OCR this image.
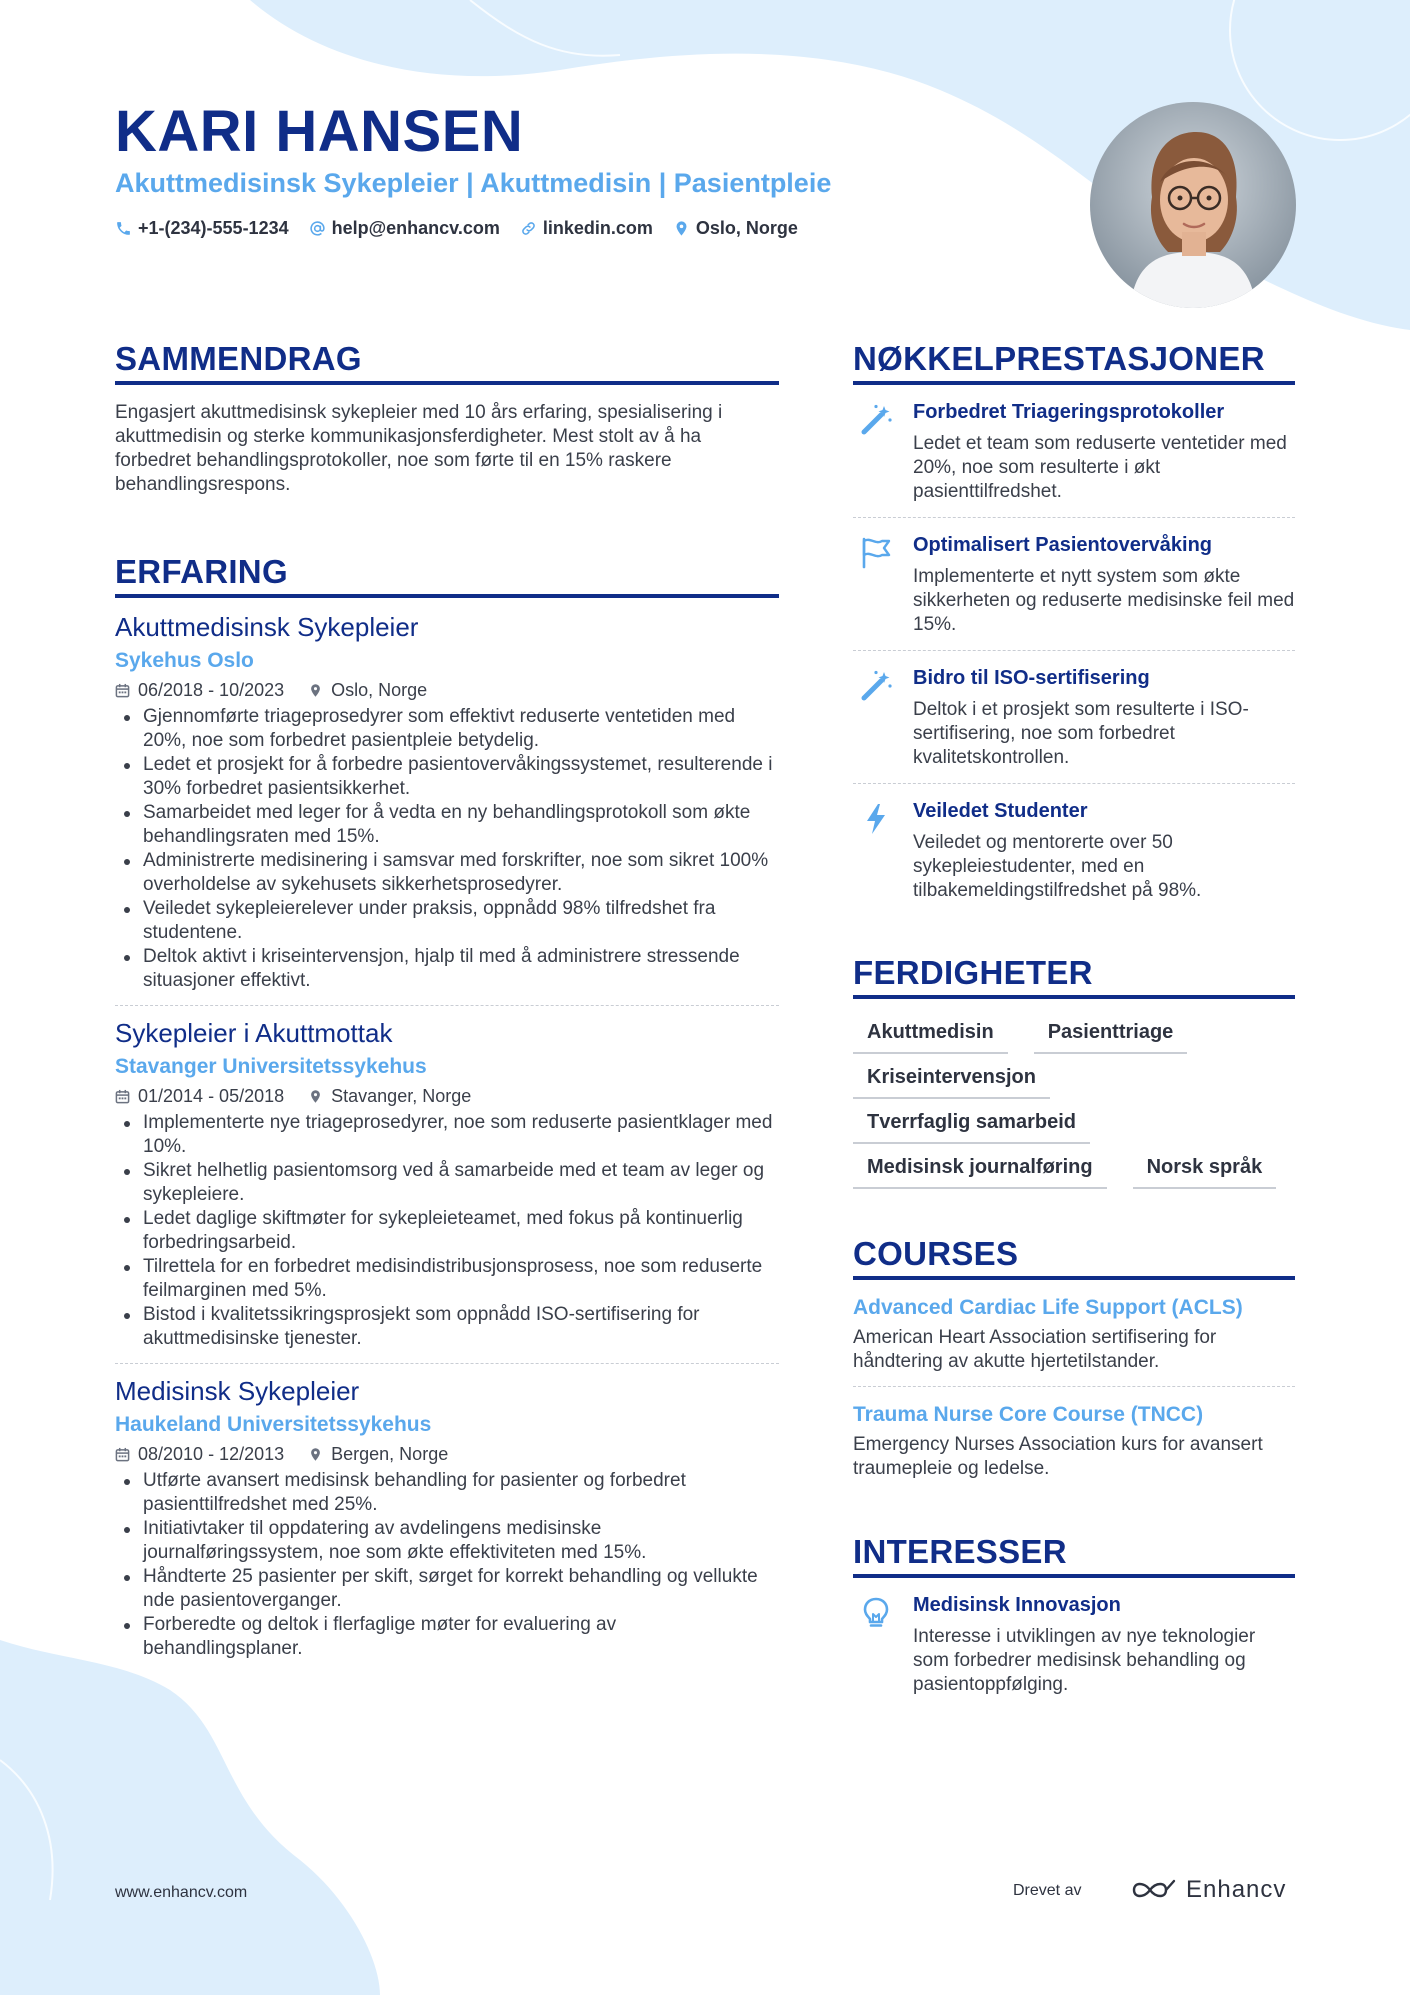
KARI HANSEN
Akuttmedisinsk Sykepleier | Akuttmedisin | Pasientpleie
+1-(234)-555-1234 help@enhancv.com linkedin.com Oslo, Norge
SAMMENDRAG
Engasjert akuttmedisinsk sykepleier med 10 års erfaring, spesialisering i akuttmedisin og sterke kommunikasjonsferdigheter. Mest stolt av å ha forbedret behandlingsprotokoller, noe som førte til en 15% raskere behandlingsrespons.
ERFARING
Akuttmedisinsk Sykepleier
Sykehus Oslo
06/2018 - 10/2023	Oslo, Norge
Gjennomførte triageprosedyrer som effektivt reduserte ventetiden med 20%, noe som forbedret pasientpleie betydelig.
Ledet et prosjekt for å forbedre pasientovervåkingssystemet, resulterende i 30% forbedret pasientsikkerhet.
Samarbeidet med leger for å vedta en ny behandlingsprotokoll som økte behandlingsraten med 15%.
Administrerte medisinering i samsvar med forskrifter, noe som sikret 100% overholdelse av sykehusets sikkerhetsprosedyrer.
Veiledet sykepleierelever under praksis, oppnådd 98% tilfredshet fra studentene.
Deltok aktivt i kriseintervensjon, hjalp til med å administrere stressende situasjoner effektivt.
Sykepleier i Akuttmottak
Stavanger Universitetssykehus
01/2014 - 05/2018	Stavanger, Norge
Implementerte nye triageprosedyrer, noe som reduserte pasientklager med 10%.
Sikret helhetlig pasientomsorg ved å samarbeide med et team av leger og sykepleiere.
Ledet daglige skiftmøter for sykepleieteamet, med fokus på kontinuerlig forbedringsarbeid.
Tilrettela for en forbedret medisindistribusjonsprosess, noe som reduserte feilmarginen med 5%.
Bistod i kvalitetssikringsprosjekt som oppnådd ISO-sertifisering for akuttmedisinske tjenester.
Medisinsk Sykepleier
Haukeland Universitetssykehus
08/2010 - 12/2013	Bergen, Norge
Utførte avansert medisinsk behandling for pasienter og forbedret pasienttilfredshet med 25%.
Initiativtaker til oppdatering av avdelingens medisinske journalføringssystem, noe som økte effektiviteten med 15%.
Håndterte 25 pasienter per skift, sørget for korrekt behandling og vellukte nde pasientoverganger.
Forberedte og deltok i flerfaglige møter for evaluering av behandlingsplaner.
NØKKELPRESTASJONER
Forbedret Triageringsprotokoller
Ledet et team som reduserte ventetider med 20%, noe som resulterte i økt pasienttilfredshet.
Optimalisert Pasientovervåking
Implementerte et nytt system som økte sikkerheten og reduserte medisinske feil med 15%.
Bidro til ISO-sertifisering
Deltok i et prosjekt som resulterte i ISO-sertifisering, noe som forbedret kvalitetskontrollen.
Veiledet Studenter
Veiledet og mentorerte over 50 sykepleiestudenter, med en tilbakemeldingstilfredshet på 98%.
FERDIGHETER
Akuttmedisin	Pasienttriage
Kriseintervensjon
Tverrfaglig samarbeid
Medisinsk journalføring	Norsk språk
COURSES
Advanced Cardiac Life Support (ACLS)
American Heart Association sertifisering for håndtering av akutte hjertetilstander.
Trauma Nurse Core Course (TNCC)
Emergency Nurses Association kurs for avansert traumepleie og ledelse.
INTERESSER
Medisinsk Innovasjon
Interesse i utviklingen av nye teknologier som forbedrer medisinsk behandling og pasientoppfølging.
www.enhancv.com	Drevet av	Enhancv
